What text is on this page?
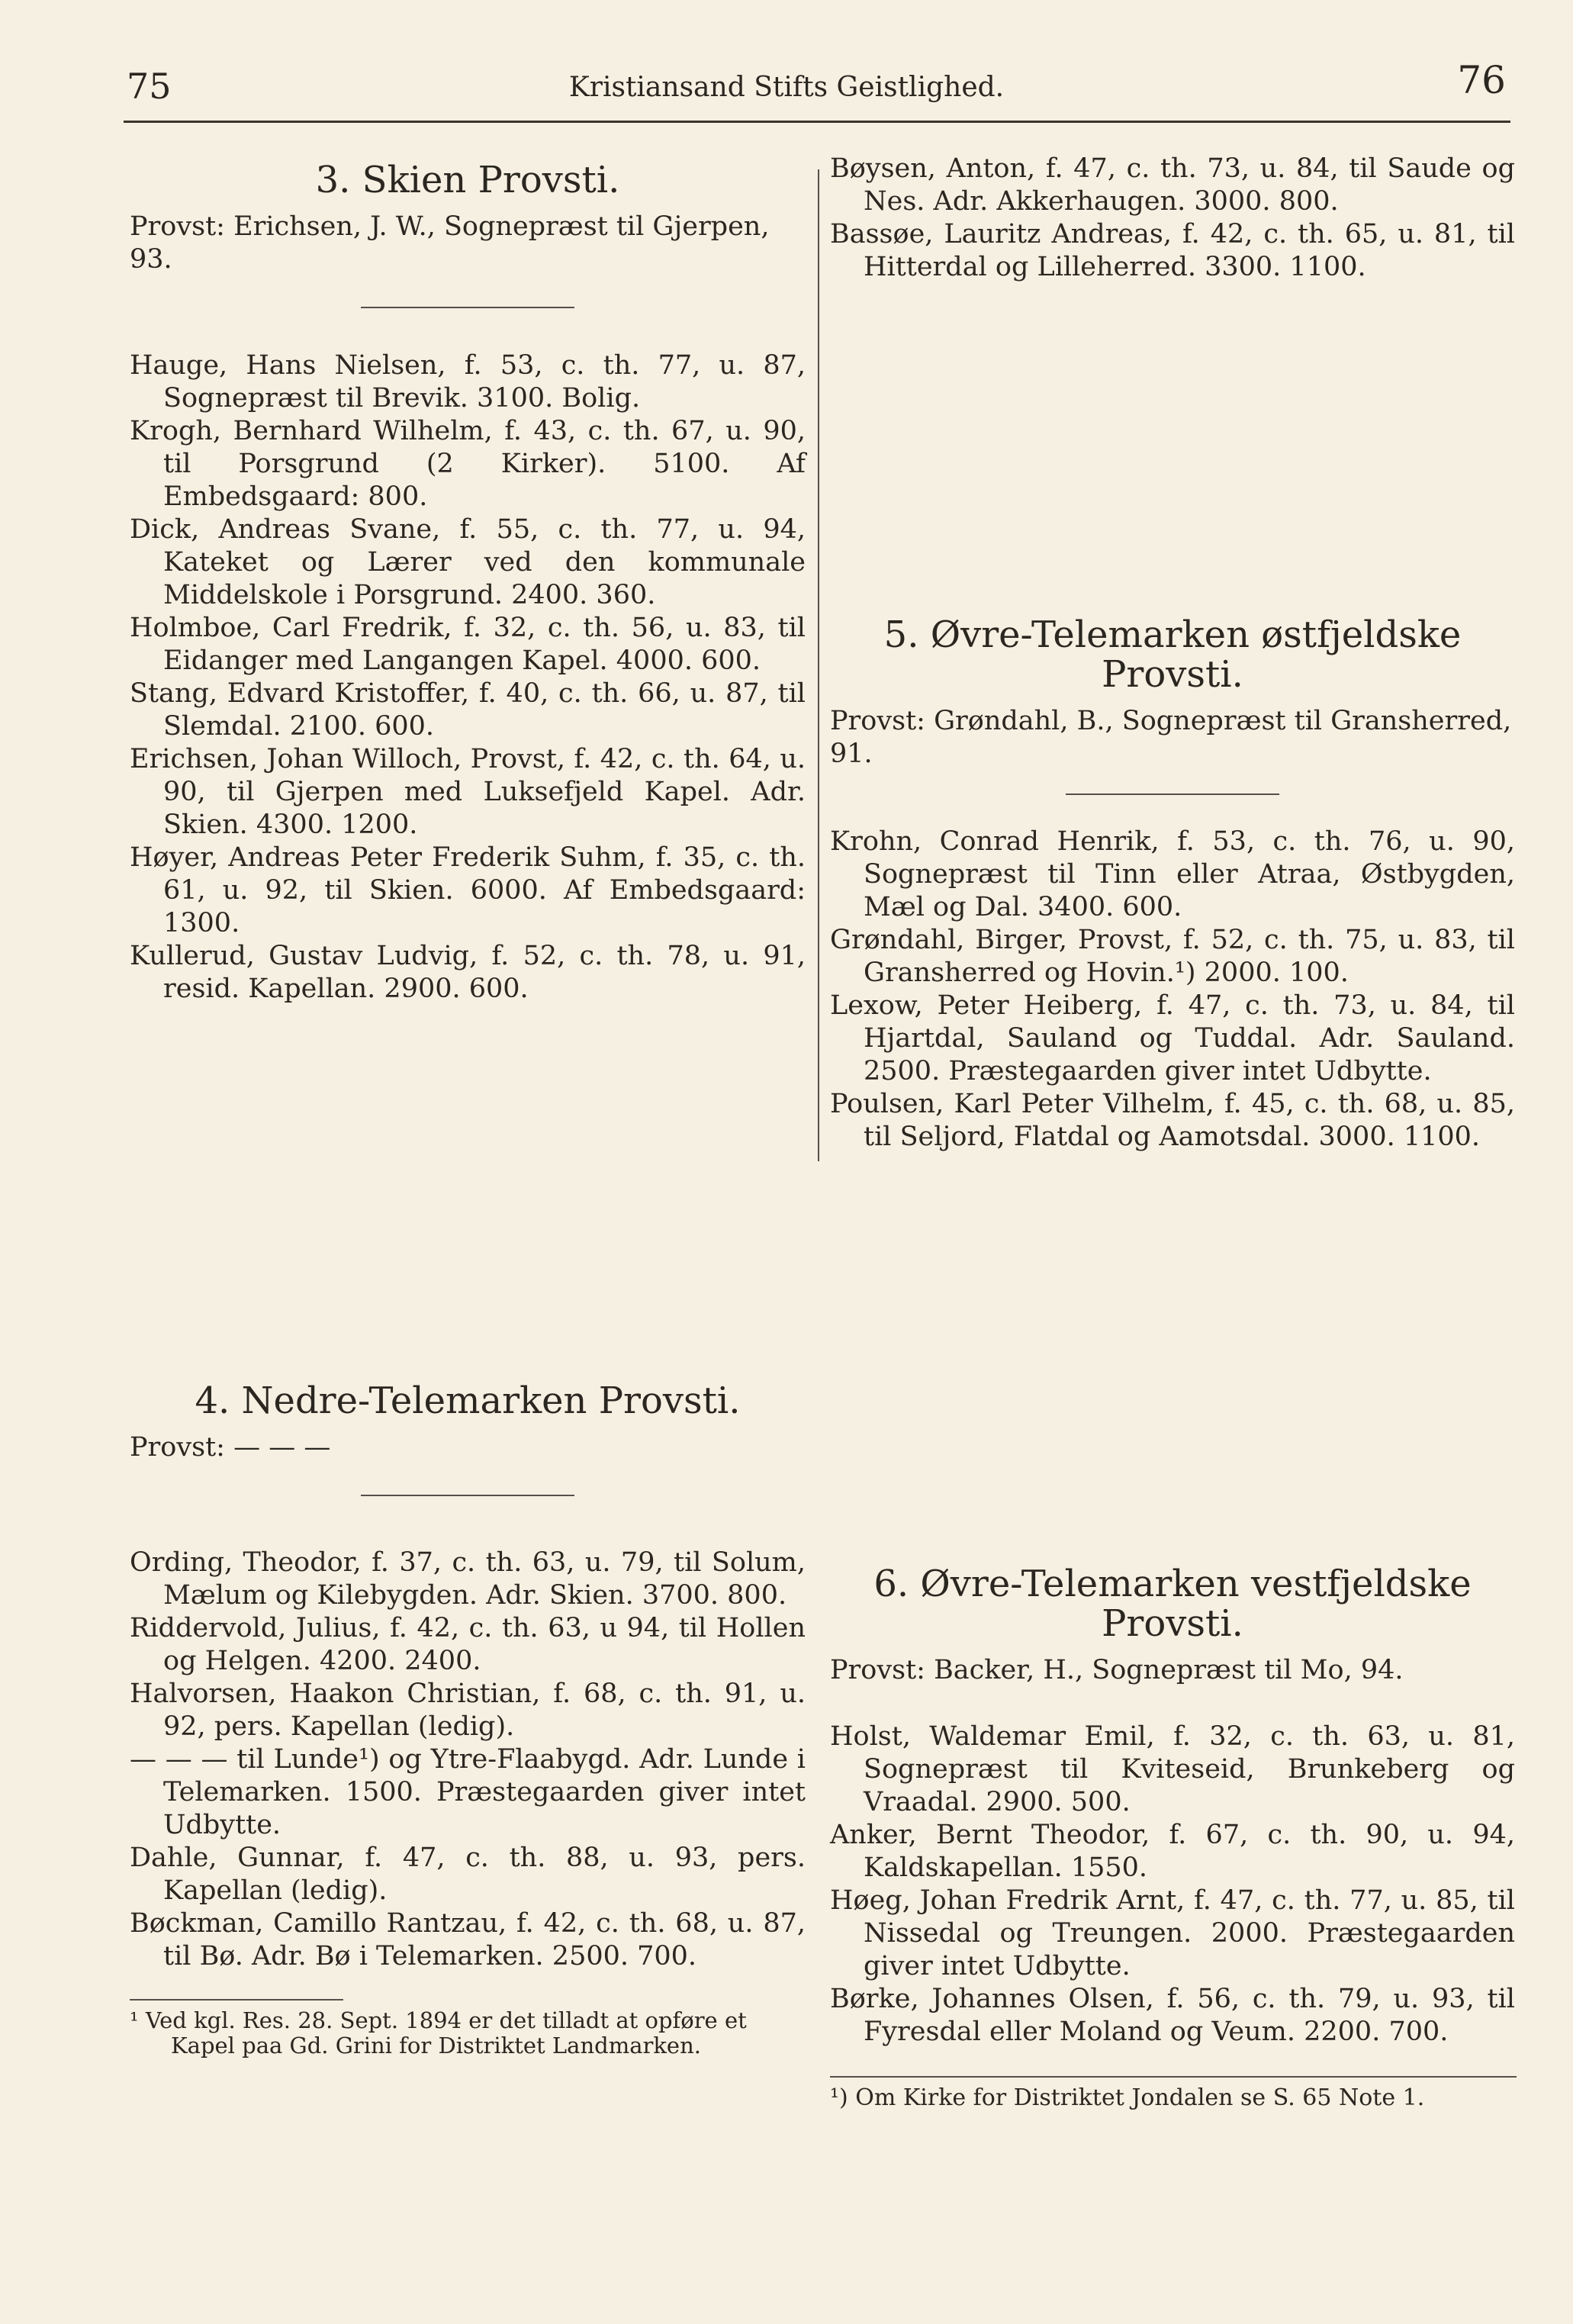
75	Kristiansand Stifts Geistlighed.	76
3. Skien Provsti.
Provst: Erichsen, J. W., Sognepræst til Gjerpen, 93.
Hauge, Hans Nielsen, f. 53, c. th. 77, u. 87, Sognepræst til Brevik. 3100. Bolig.
Krogh, Bernhard Wilhelm, f. 43, c. th. 67, u. 90, til Porsgrund (2 Kirker). 5100. Af Embedsgaard: 800.
Dick, Andreas Svane, f. 55, c. th. 77, u. 94, Kateket og Lærer ved den kommunale Middelskole i Porsgrund. 2400. 360.
Holmboe, Carl Fredrik, f. 32, c. th. 56, u. 83, til Eidanger med Langangen Kapel. 4000. 600.
Stang, Edvard Kristoffer, f. 40, c. th. 66, u. 87, til Slemdal. 2100. 600.
Erichsen, Johan Willoch, Provst, f. 42, c. th. 64, u. 90, til Gjerpen med Luksefjeld Kapel. Adr. Skien. 4300. 1200.
Høyer, Andreas Peter Frederik Suhm, f. 35, c. th. 61, u. 92, til Skien. 6000. Af Embedsgaard: 1300.
Kullerud, Gustav Ludvig, f. 52, c. th. 78, u. 91, resid. Kapellan. 2900. 600.
4. Nedre-Telemarken Provsti.
Provst: — — —
Ording, Theodor, f. 37, c. th. 63, u. 79, til Solum, Mælum og Kilebygden. Adr. Skien. 3700. 800.
Riddervold, Julius, f. 42, c. th. 63, u 94, til Hollen og Helgen. 4200. 2400.
Halvorsen, Haakon Christian, f. 68, c. th. 91, u. 92, pers. Kapellan (ledig).
— — — til Lunde¹) og Ytre-Flaabygd. Adr. Lunde i Telemarken. 1500. Præstegaarden giver intet Udbytte.
Dahle, Gunnar, f. 47, c. th. 88, u. 93, pers. Kapellan (ledig).
Bøckman, Camillo Rantzau, f. 42, c. th. 68, u. 87, til Bø. Adr. Bø i Telemarken. 2500. 700.
¹ Ved kgl. Res. 28. Sept. 1894 er det tilladt at opføre et Kapel paa Gd. Grini for Distriktet Landmarken.
Bøysen, Anton, f. 47, c. th. 73, u. 84, til Saude og Nes. Adr. Akkerhaugen. 3000. 800.
Bassøe, Lauritz Andreas, f. 42, c. th. 65, u. 81, til Hitterdal og Lilleherred. 3300. 1100.
5. Øvre-Telemarken østfjeldske Provsti.
Provst: Grøndahl, B., Sognepræst til Gransherred, 91.
Krohn, Conrad Henrik, f. 53, c. th. 76, u. 90, Sognepræst til Tinn eller Atraa, Østbygden, Mæl og Dal. 3400. 600.
Grøndahl, Birger, Provst, f. 52, c. th. 75, u. 83, til Gransherred og Hovin.¹) 2000. 100.
Lexow, Peter Heiberg, f. 47, c. th. 73, u. 84, til Hjartdal, Sauland og Tuddal. Adr. Sauland. 2500. Præstegaarden giver intet Udbytte.
Poulsen, Karl Peter Vilhelm, f. 45, c. th. 68, u. 85, til Seljord, Flatdal og Aamotsdal. 3000. 1100.
6. Øvre-Telemarken vestfjeldske Provsti.
Provst: Backer, H., Sognepræst til Mo, 94.
Holst, Waldemar Emil, f. 32, c. th. 63, u. 81, Sognepræst til Kviteseid, Brunkeberg og Vraadal. 2900. 500.
Anker, Bernt Theodor, f. 67, c. th. 90, u. 94, Kaldskapellan. 1550.
Høeg, Johan Fredrik Arnt, f. 47, c. th. 77, u. 85, til Nissedal og Treungen. 2000. Præstegaarden giver intet Udbytte.
Børke, Johannes Olsen, f. 56, c. th. 79, u. 93, til Fyresdal eller Moland og Veum. 2200. 700.
¹) Om Kirke for Distriktet Jondalen se S. 65 Note 1.
